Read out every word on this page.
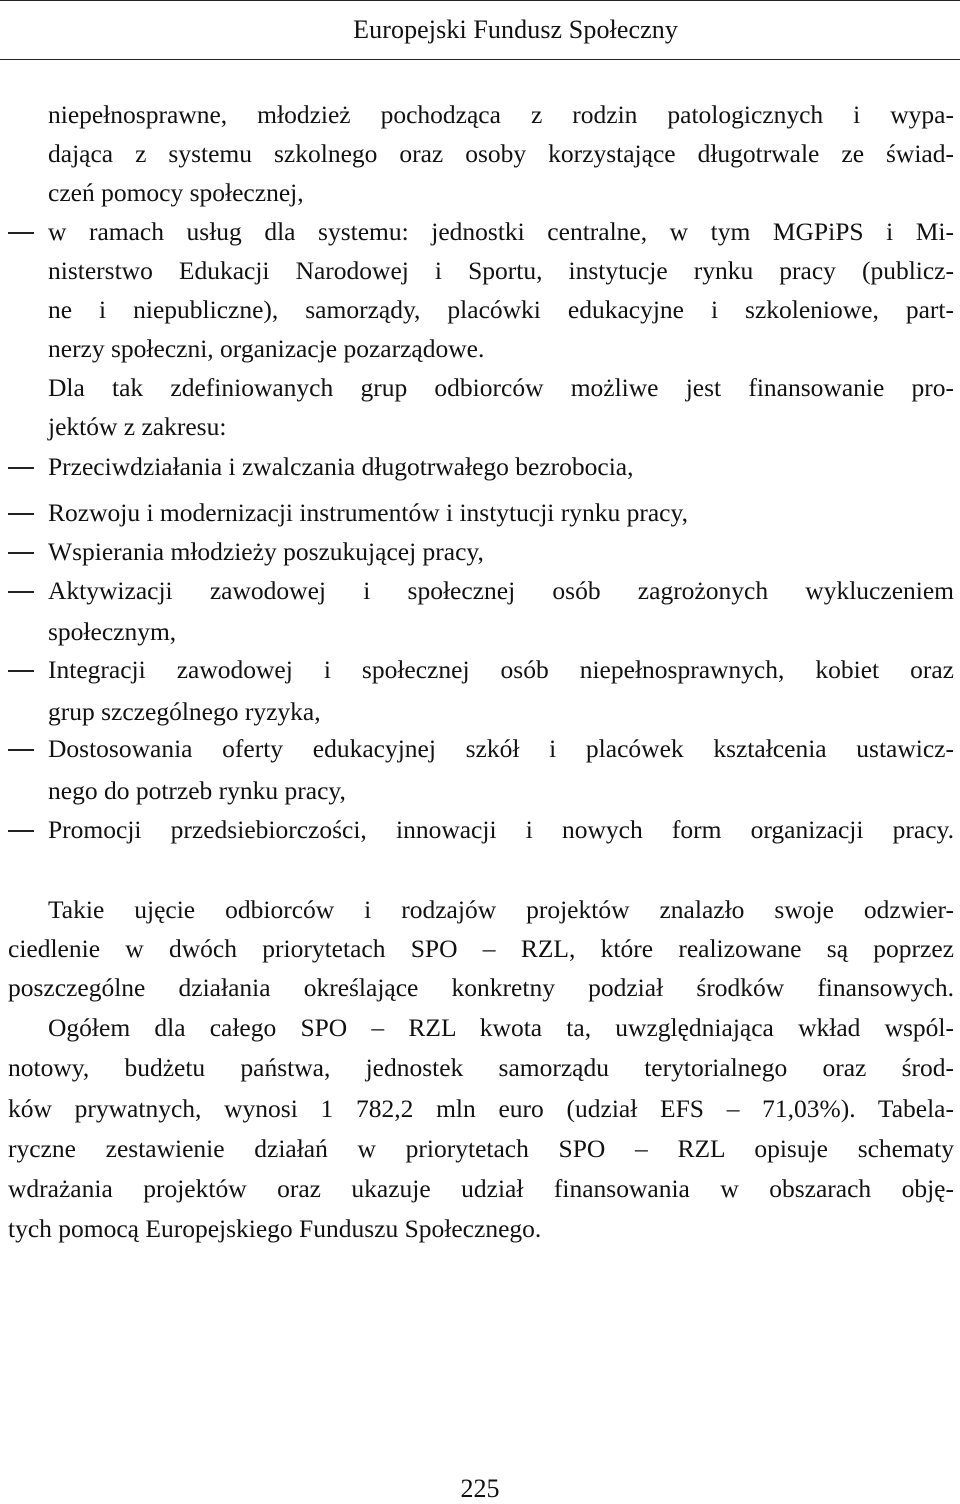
Europejski Fundusz Społeczny
niepełnosprawne, młodzież pochodząca z rodzin patologicznych i wypa-
dająca z systemu szkolnego oraz osoby korzystające długotrwale ze świad-
czeń pomocy społecznej,
w ramach usług dla systemu: jednostki centralne, w tym MGPiPS i Mi-
nisterstwo Edukacji Narodowej i Sportu, instytucje rynku pracy (publicz-
ne i niepubliczne), samorządy, placówki edukacyjne i szkoleniowe, part-
nerzy społeczni, organizacje pozarządowe.
Dla tak zdefiniowanych grup odbiorców możliwe jest finansowanie pro-
jektów z zakresu:
Przeciwdziałania i zwalczania długotrwałego bezrobocia,
Rozwoju i modernizacji instrumentów i instytucji rynku pracy,
Wspierania młodzieży poszukującej pracy,
Aktywizacji zawodowej i społecznej osób zagrożonych wykluczeniem
społecznym,
Integracji zawodowej i społecznej osób niepełnosprawnych, kobiet oraz
grup szczególnego ryzyka,
Dostosowania oferty edukacyjnej szkół i placówek kształcenia ustawicz-
nego do potrzeb rynku pracy,
Promocji przedsiebiorczości, innowacji i nowych form organizacji pracy.
Takie ujęcie odbiorców i rodzajów projektów znalazło swoje odzwier-
ciedlenie w dwóch priorytetach SPO – RZL, które realizowane są poprzez
poszczególne działania określające konkretny podział środków finansowych.
Ogółem dla całego SPO – RZL kwota ta, uwzględniająca wkład wspól-
notowy, budżetu państwa, jednostek samorządu terytorialnego oraz środ-
ków prywatnych, wynosi 1 782,2 mln euro (udział EFS – 71,03%). Tabela-
ryczne zestawienie działań w priorytetach SPO – RZL opisuje schematy
wdrażania projektów oraz ukazuje udział finansowania w obszarach obję-
tych pomocą Europejskiego Funduszu Społecznego.
225
